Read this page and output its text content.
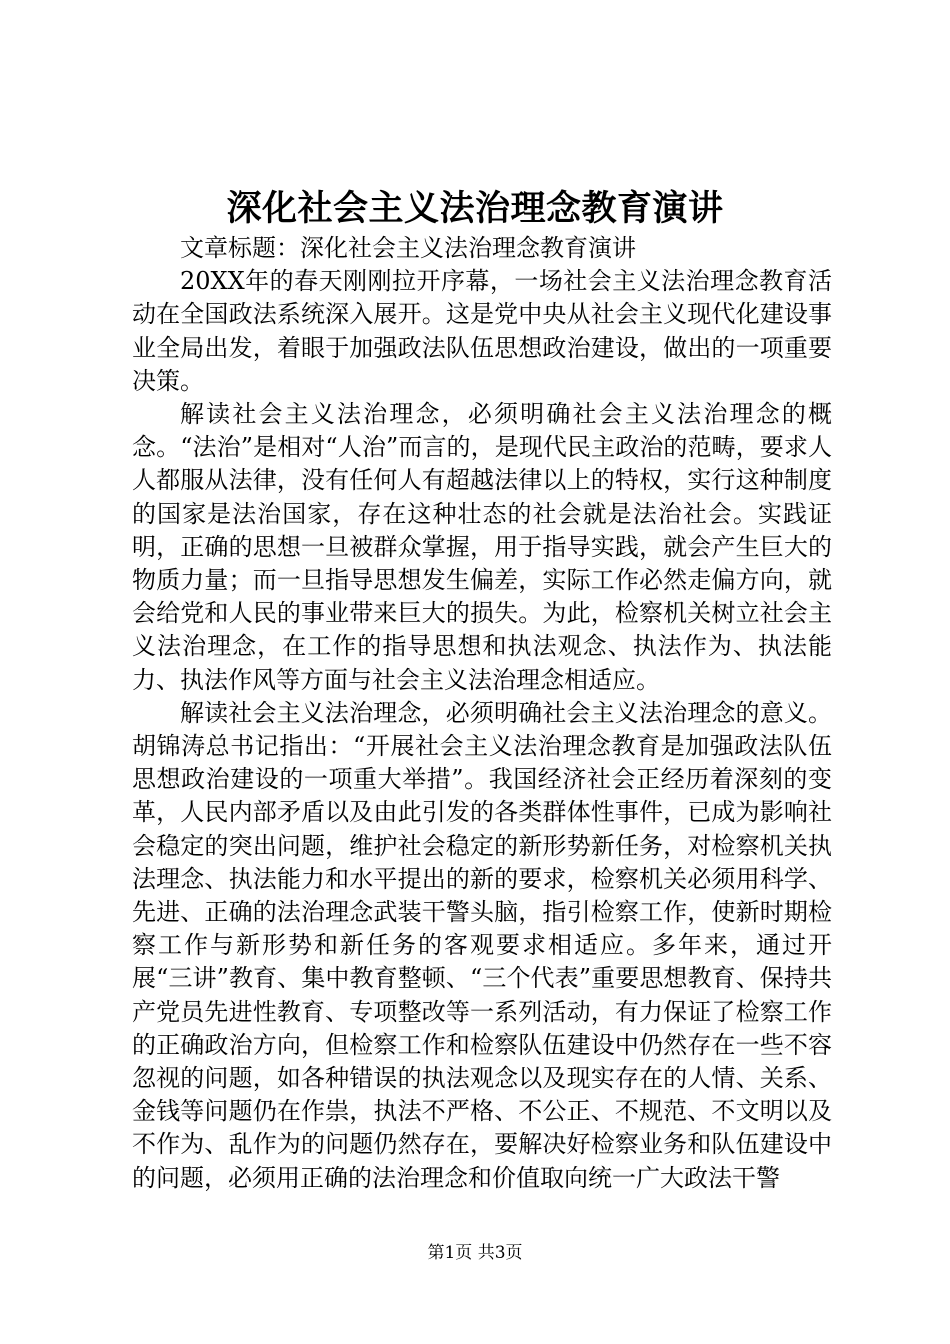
深化社会主义法治理念教育演讲

文章标题：深化社会主义法治理念教育演讲

20XX年的春天刚刚拉开序幕，一场社会主义法治理念教育活动在全国政法系统深入展开。这是党中央从社会主义现代化建设事业全局出发，着眼于加强政法队伍思想政治建设，做出的一项重要决策。

解读社会主义法治理念，必须明确社会主义法治理念的概念。“法治”是相对“人治”而言的，是现代民主政治的范畴，要求人人都服从法律，没有任何人有超越法律以上的特权，实行这种制度的国家是法治国家，存在这种壮态的社会就是法治社会。实践证明，正确的思想一旦被群众掌握，用于指导实践，就会产生巨大的物质力量；而一旦指导思想发生偏差，实际工作必然走偏方向，就会给党和人民的事业带来巨大的损失。为此，检察机关树立社会主义法治理念，在工作的指导思想和执法观念、执法作为、执法能力、执法作风等方面与社会主义法治理念相适应。

解读社会主义法治理念，必须明确社会主义法治理念的意义。胡锦涛总书记指出：“开展社会主义法治理念教育是加强政法队伍思想政治建设的一项重大举措”。我国经济社会正经历着深刻的变革，人民内部矛盾以及由此引发的各类群体性事件，已成为影响社会稳定的突出问题，维护社会稳定的新形势新任务，对检察机关执法理念、执法能力和水平提出的新的要求，检察机关必须用科学、先进、正确的法治理念武装干警头脑，指引检察工作，使新时期检察工作与新形势和新任务的客观要求相适应。多年来，通过开展“三讲”教育、集中教育整顿、“三个代表”重要思想教育、保持共产党员先进性教育、专项整改等一系列活动，有力保证了检察工作的正确政治方向，但检察工作和检察队伍建设中仍然存在一些不容忽视的问题，如各种错误的执法观念以及现实存在的人情、关系、金钱等问题仍在作祟，执法不严格、不公正、不规范、不文明以及不作为、乱作为的问题仍然存在，要解决好检察业务和队伍建设中的问题，必须用正确的法治理念和价值取向统一广大政法干警

第1页 共3页
